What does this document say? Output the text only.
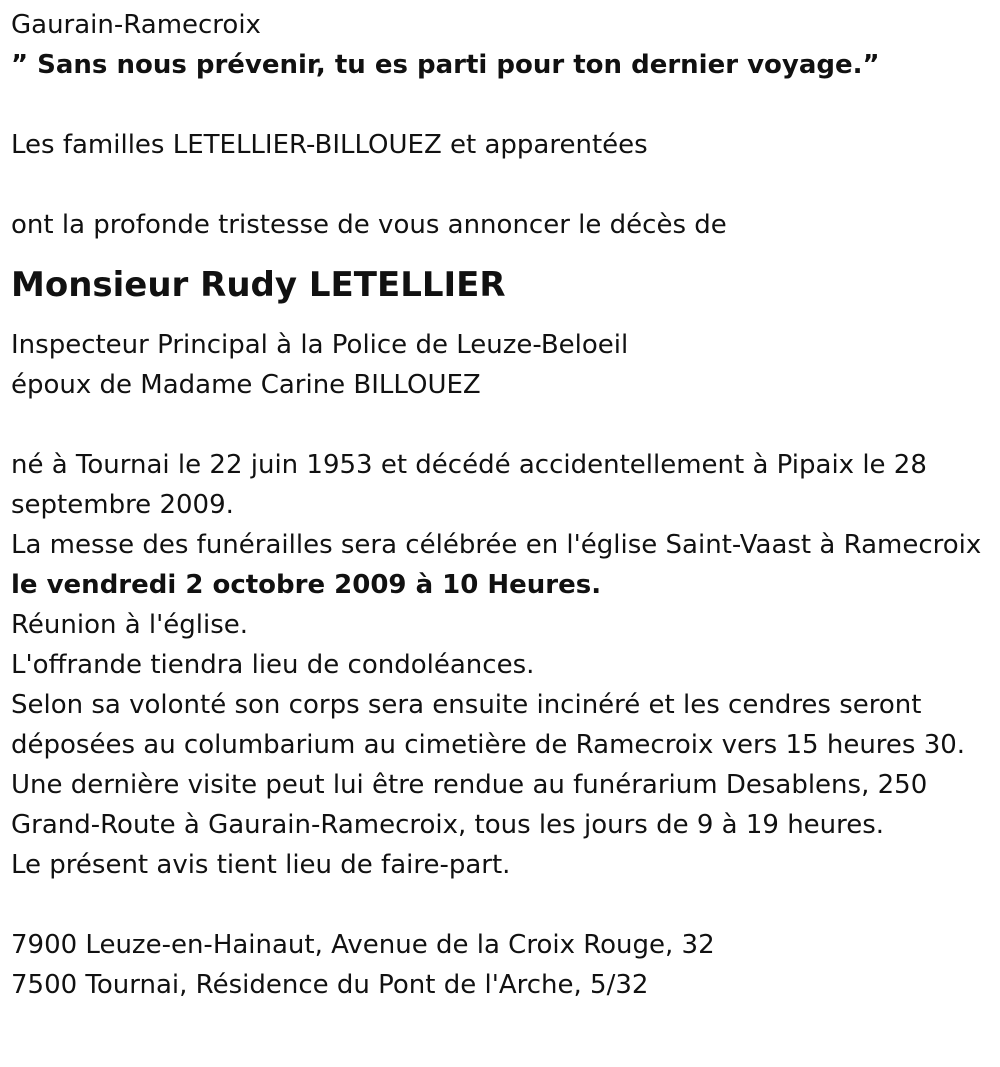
Gaurain-Ramecroix
” Sans nous prévenir, tu es parti pour ton dernier voyage.”
Les familles LETELLIER-BILLOUEZ et apparentées
ont la profonde tristesse de vous annoncer le décès de
Monsieur Rudy LETELLIER
Inspecteur Principal à la Police de Leuze-Beloeil
époux de Madame Carine BILLOUEZ
né à Tournai le 22 juin 1953 et décédé accidentellement à Pipaix le 28 septembre 2009.
La messe des funérailles sera célébrée en l'église Saint-Vaast à Ramecroix le vendredi 2 octobre 2009 à 10 Heures.
Réunion à l'église.
L'offrande tiendra lieu de condoléances.
Selon sa volonté son corps sera ensuite incinéré et les cendres seront déposées au columbarium au cimetière de Ramecroix vers 15 heures 30.
Une dernière visite peut lui être rendue au funérarium Desablens, 250 Grand-Route à Gaurain-Ramecroix, tous les jours de 9 à 19 heures.
Le présent avis tient lieu de faire-part.
7900 Leuze-en-Hainaut, Avenue de la Croix Rouge, 32
7500 Tournai, Résidence du Pont de l'Arche, 5/32
